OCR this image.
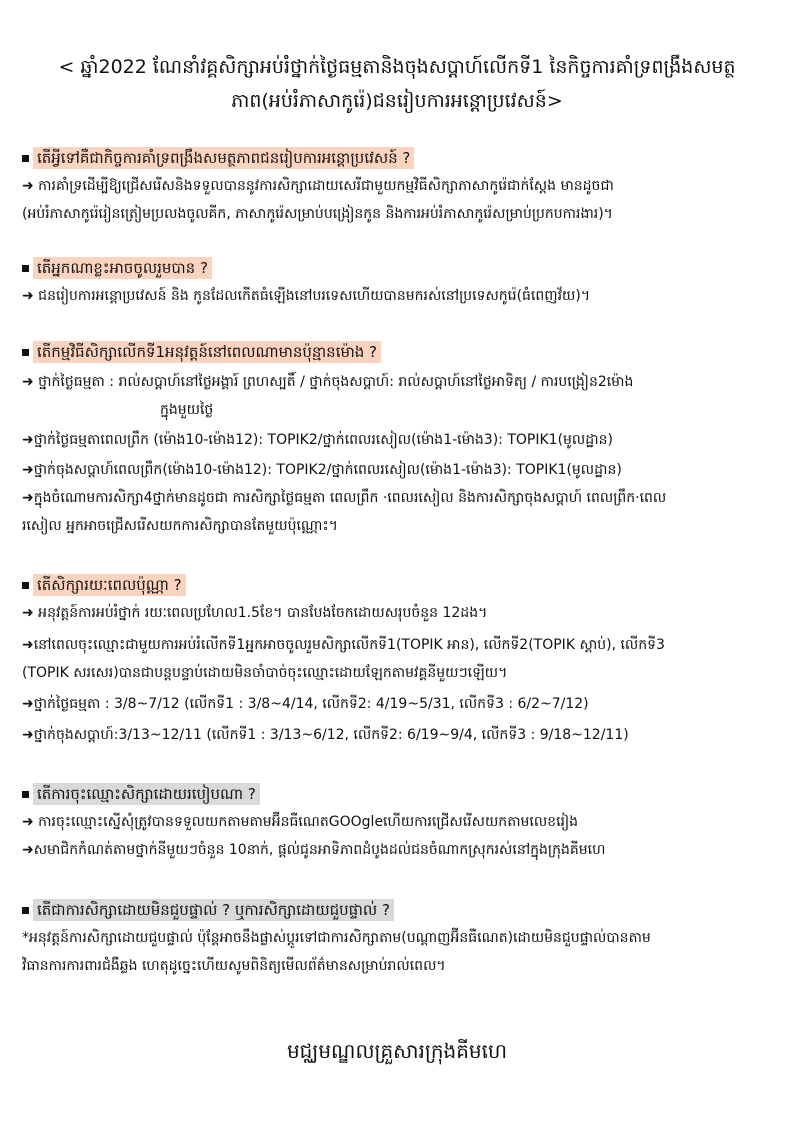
< ឆ្នាំ2022 ណែនាំវគ្គសិក្សាអប់រំថ្នាក់ថ្ងៃធម្មតានិងចុងសប្តាហ៍លើកទី1 នៃកិច្ចការគាំទ្រពង្រឹងសមត្ថ
ភាព(អប់រំភាសាកូរ៉េ)ជនរៀបការអន្តោប្រវេសន៍>
តើអ្វីទៅគឺជាកិច្ចការគាំទ្រពង្រឹងសមត្ថភាពជនរៀបការអន្តោប្រវេសន៍ ?
➜ ការគាំទ្រដើម្បីឱ្យជ្រើសរើសនិងទទួលបាននូវការសិក្សាដោយសេរីជាមួយកម្មវិធីសិក្សាភាសាកូរ៉េជាក់ស្តែង មានដូចជា
(អប់រំភាសាកូរ៉េរៀនត្រៀមប្រលងចូលគីក, ភាសាកូរ៉េសម្រាប់បង្រៀនកូន និងការអប់រំភាសាកូរ៉េសម្រាប់ប្រកបការងារ)។
តើអ្នកណាខ្លះអាចចូលរួមបាន ?
➜ ជនរៀបការអន្តោប្រវេសន៍ និង កូនដែលកើតធំឡើងនៅបរទេសហើយបានមករស់នៅប្រទេសកូរ៉េ(ធំពេញវ័យ)។
តើកម្មវិធីសិក្សាលើកទី1អនុវត្តន៍នៅពេលណាមានប៉ុន្មានម៉ោង ?
➜ ថ្នាក់ថ្ងៃធម្មតា : រាល់សប្តាហ៍នៅថ្ងៃអង្គារ៍ ព្រហស្បតិ៍ / ថ្នាក់ចុងសប្តាហ៍: រាល់សប្តាហ៍នៅថ្ងៃអាទិត្យ / ការបង្រៀន2ម៉ោង
ក្នុងមួយថ្ងៃ
➜ថ្នាក់ថ្ងៃធម្មតាពេលព្រឹក (ម៉ោង10-ម៉ោង12): TOPIK2/ថ្នាក់ពេលរសៀល(ម៉ោង1-ម៉ោង3): TOPIK1(មូលដ្ឋាន)
➜ថ្នាក់ចុងសប្តាហ៍ពេលព្រឹក(ម៉ោង10-ម៉ោង12): TOPIK2/ថ្នាក់ពេលរសៀល(ម៉ោង1-ម៉ោង3): TOPIK1(មូលដ្ឋាន)
➜ក្នុងចំណោមការសិក្សា4ថ្នាក់មានដូចជា ការសិក្សាថ្ងៃធម្មតា ពេលព្រឹក ·ពេលរសៀល និងការសិក្សាចុងសប្តាហ៍ ពេលព្រឹក·ពេល
រសៀល អ្នកអាចជ្រើសរើសយកការសិក្សាបានតែមួយប៉ុណ្ណោះ។
តើសិក្សារយៈពេលប៉ុណ្ណា ?
➜ អនុវត្តន៍ការអប់រំថ្នាក់ រយៈពេលប្រហែល1.5ខែ។ បានបែងចែកដោយសរុបចំនួន 12ដង។
➜នៅពេលចុះឈ្មោះជាមួយការអប់រំលើកទី1អ្នកអាចចូលរួមសិក្សាលើកទី1(TOPIK អាន), លើកទី2(TOPIK ស្តាប់), លើកទី3
(TOPIK សរសេរ)បានជាបន្តបន្ទាប់ដោយមិនចាំបាច់ចុះឈ្មោះដោយឡែកតាមវគ្គនីមួយៗឡើយ។
➜ថ្នាក់ថ្ងៃធម្មតា : 3/8~7/12 (លើកទី1 : 3/8~4/14, លើកទី2: 4/19~5/31, លើកទី3 : 6/2~7/12)
➜ថ្នាក់ចុងសប្តាហ៍:3/13~12/11 (លើកទី1 : 3/13~6/12, លើកទី2: 6/19~9/4, លើកទី3 : 9/18~12/11)
តើការចុះឈ្មោះសិក្សាដោយរបៀបណា ?
➜ ការចុះឈ្មោះស្នើសុំត្រូវបានទទួលយកតាមតាមអ៊ីនធឺណេតGOOgleហើយការជ្រើសរើសយកតាមលេខរៀង
➜សមាជិកកំណត់តាមថ្នាក់នីមួយៗចំនួន 10នាក់, ផ្តល់ជូនអាទិភាពដំបូងដល់ជនចំណាកស្រុករស់នៅក្នុងក្រុងគីមហេ
តើជាការសិក្សាដោយមិនជួបផ្ទាល់ ? ឬការសិក្សាដោយជួបផ្ទាល់ ?
*អនុវត្តន៍ការសិក្សាដោយជួបផ្ទាល់ ប៉ុន្តែអាចនឹងផ្លាស់ប្តូរទៅជាការសិក្សាតាម(បណ្តាញអ៊ីនធឺណេត)ដោយមិនជួបផ្ទាល់បានតាម
វិធានការការពារជំងឺឆ្លង ហេតុដូច្នេះហើយសូមពិនិត្យមើលព័ត៌មានសម្រាប់រាល់ពេល។
មជ្ឈមណ្ឌលគ្រួសារក្រុងគីមហេ
